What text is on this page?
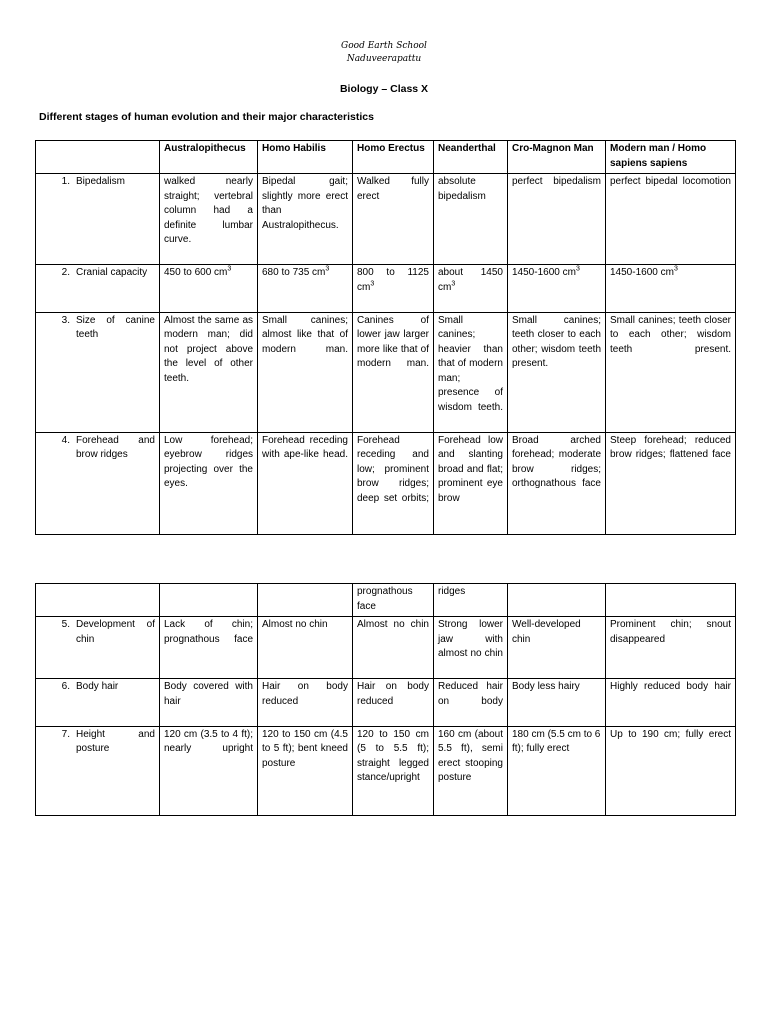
Good Earth School
Naduveerapattu
Biology – Class X
Different stages of human evolution and their major characteristics
	Australopithecus	Homo Habilis	Homo Erectus	Neanderthal	Cro-Magnon Man	Modern man / Homo sapiens sapiens

1. Bipedalism	walked nearly straight; vertebral column had a definite lumbar curve.	Bipedal gait; slightly more erect than Australopithecus.	Walked fully erect	absolute bipedalism	perfect bipedalism	perfect bipedal locomotion

2. Cranial capacity	450 to 600 $cm^3$	680 to 735 $cm^3$	800 to 1125 $cm^3$	about 1450 $cm^3$	1450-1600 $cm^3$	1450-1600 $cm^3$

3. Size of canine teeth	Almost the same as modern man; did not project above the level of other teeth.	Small canines; almost like that of modern man.	Canines of lower jaw larger more like that of modern man.	Small canines; heavier than that of modern man; presence of wisdom teeth.	Small canines; teeth closer to each other; wisdom teeth present.	Small canines; teeth closer to each other; wisdom teeth present.

4. Forehead and brow ridges	Low forehead; eyebrow ridges projecting over the eyes.	Forehead receding with ape-like head.	Forehead receding and low; prominent brow ridges; deep set orbits;	Forehead low and slanting broad and flat; prominent eye brow	Broad arched forehead; moderate brow ridges; orthognathous face	Steep forehead; reduced brow ridges; flattened face
			prognathous face	ridges		

5. Development of chin	Lack of chin; prognathous face	Almost no chin	Almost no chin	Strong lower jaw with almost no chin	Well-developed chin	Prominent chin; snout disappeared

6. Body hair	Body covered with hair	Hair on body reduced	Hair on body reduced	Reduced hair on body	Body less hairy	Highly reduced body hair

7. Height and posture	120 cm (3.5 to 4 ft); nearly upright	120 to 150 cm (4.5 to 5 ft); bent kneed posture	120 to 150 cm (5 to 5.5 ft); straight legged stance/upright	160 cm (about 5.5 ft), semi erect stooping posture	180 cm (5.5 cm to 6 ft); fully erect	Up to 190 cm; fully erect
